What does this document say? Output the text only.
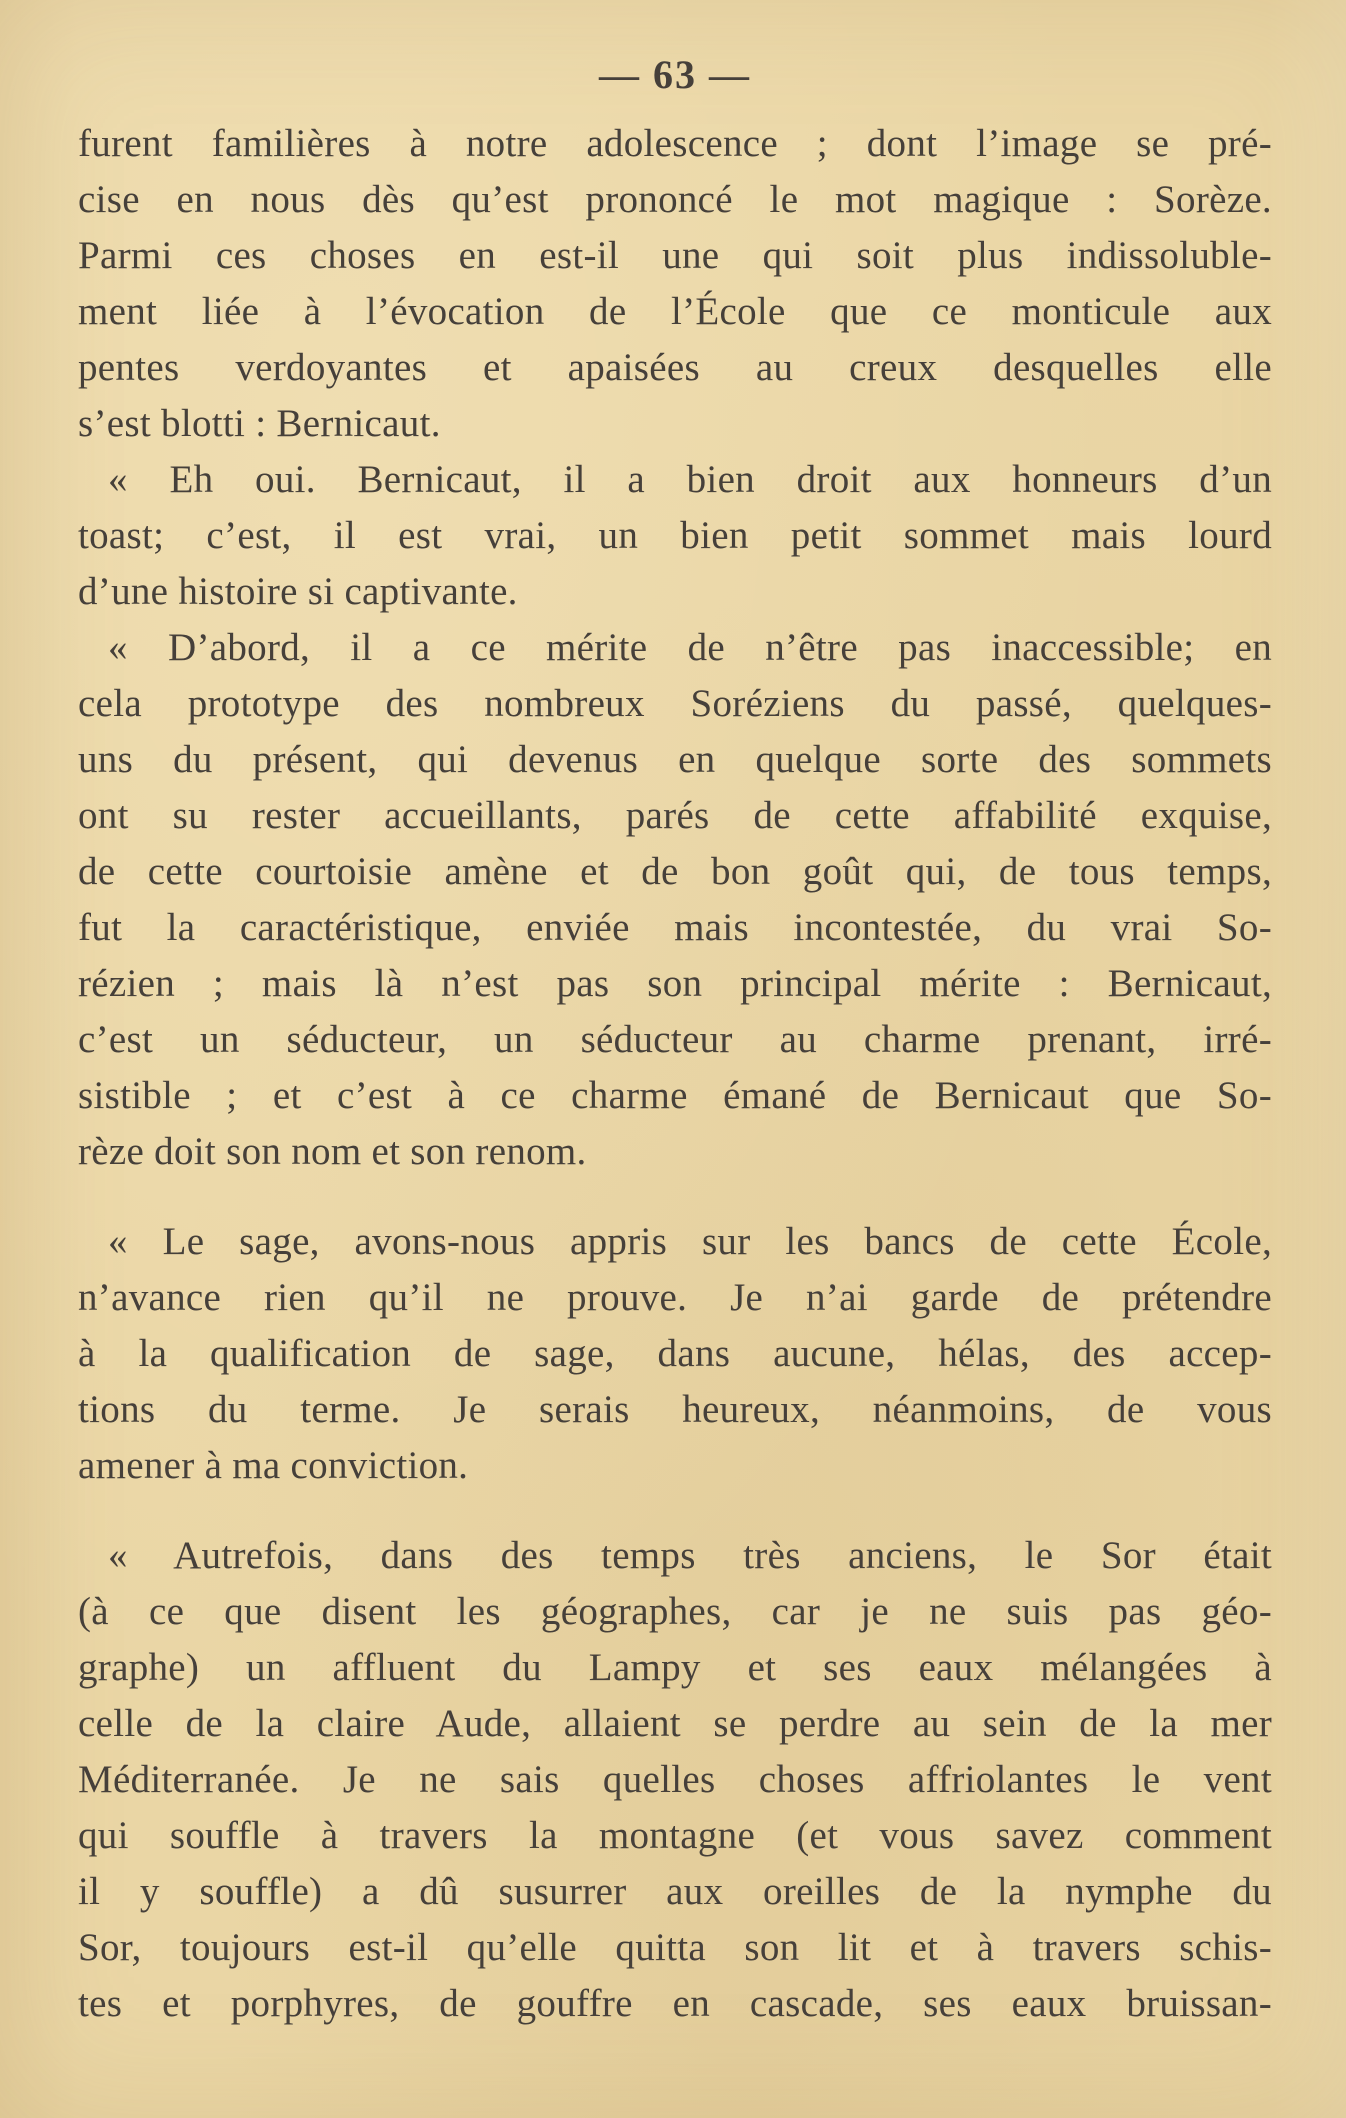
— 63 —
furent familières à notre adolescence ; dont l’image se pré-
cise en nous dès qu’est prononcé le mot magique : Sorèze.
Parmi ces choses en est-il une qui soit plus indissoluble-
ment liée à l’évocation de l’École que ce monticule aux
pentes verdoyantes et apaisées au creux desquelles elle
s’est blotti : Bernicaut.
« Eh oui. Bernicaut, il a bien droit aux honneurs d’un
toast; c’est, il est vrai, un bien petit sommet mais lourd
d’une histoire si captivante.
« D’abord, il a ce mérite de n’être pas inaccessible; en
cela prototype des nombreux Soréziens du passé, quelques-
uns du présent, qui devenus en quelque sorte des sommets
ont su rester accueillants, parés de cette affabilité exquise,
de cette courtoisie amène et de bon goût qui, de tous temps,
fut la caractéristique, enviée mais incontestée, du vrai So-
rézien ; mais là n’est pas son principal mérite : Bernicaut,
c’est un séducteur, un séducteur au charme prenant, irré-
sistible ; et c’est à ce charme émané de Bernicaut que So-
rèze doit son nom et son renom.
« Le sage, avons-nous appris sur les bancs de cette École,
n’avance rien qu’il ne prouve. Je n’ai garde de prétendre
à la qualification de sage, dans aucune, hélas, des accep-
tions du terme. Je serais heureux, néanmoins, de vous
amener à ma conviction.
« Autrefois, dans des temps très anciens, le Sor était
(à ce que disent les géographes, car je ne suis pas géo-
graphe) un affluent du Lampy et ses eaux mélangées à
celle de la claire Aude, allaient se perdre au sein de la mer
Méditerranée. Je ne sais quelles choses affriolantes le vent
qui souffle à travers la montagne (et vous savez comment
il y souffle) a dû susurrer aux oreilles de la nymphe du
Sor, toujours est-il qu’elle quitta son lit et à travers schis-
tes et porphyres, de gouffre en cascade, ses eaux bruissan-
